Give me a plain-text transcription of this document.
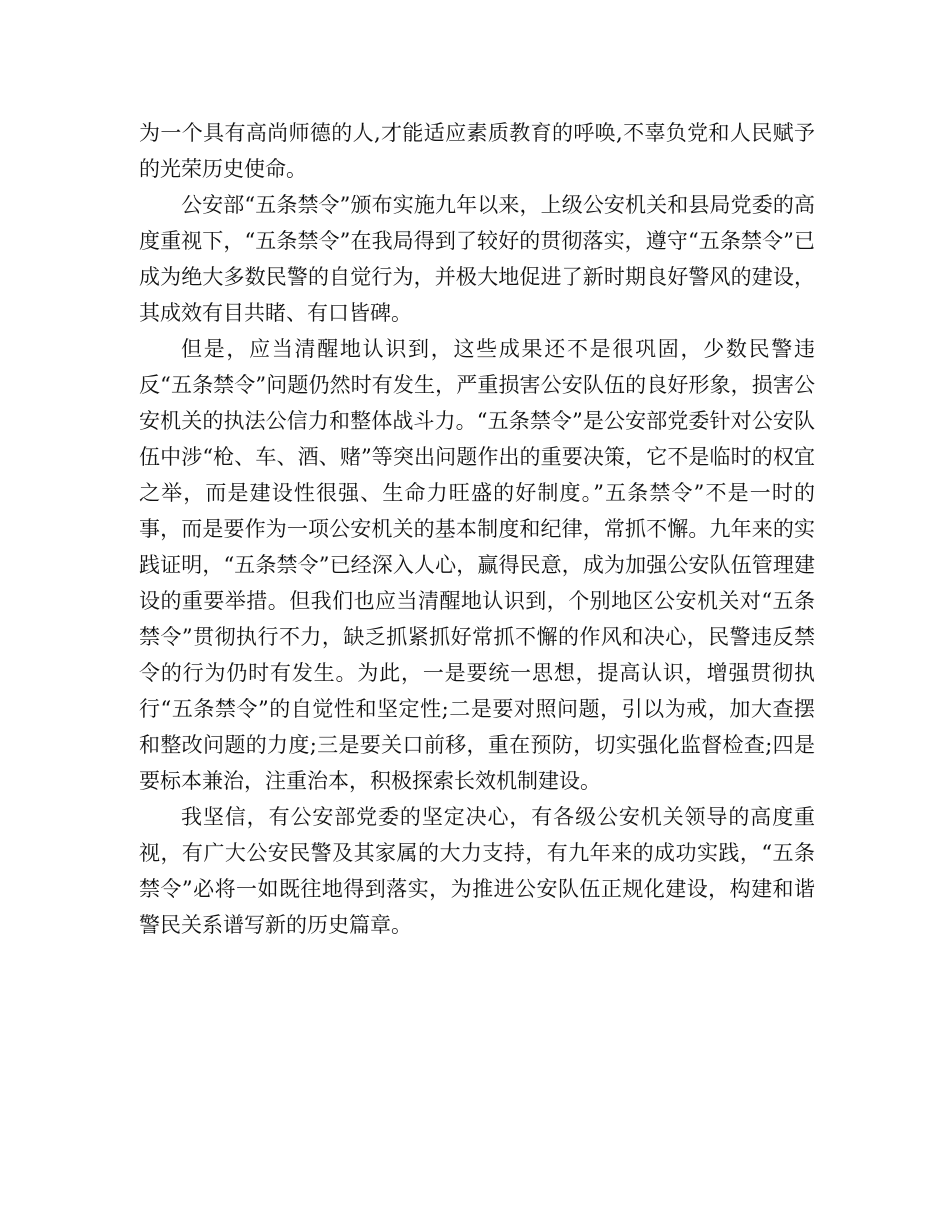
为一个具有高尚师德的人,才能适应素质教育的呼唤,不辜负党和人民赋予的光荣历史使命。

公安部“五条禁令”颁布实施九年以来，上级公安机关和县局党委的高度重视下，“五条禁令”在我局得到了较好的贯彻落实，遵守“五条禁令”已成为绝大多数民警的自觉行为，并极大地促进了新时期良好警风的建设，其成效有目共睹、有口皆碑。

但是，应当清醒地认识到，这些成果还不是很巩固，少数民警违反“五条禁令”问题仍然时有发生，严重损害公安队伍的良好形象，损害公安机关的执法公信力和整体战斗力。“五条禁令”是公安部党委针对公安队伍中涉“枪、车、酒、赌”等突出问题作出的重要决策，它不是临时的权宜之举，而是建设性很强、生命力旺盛的好制度。”五条禁令”不是一时的事，而是要作为一项公安机关的基本制度和纪律，常抓不懈。九年来的实践证明，“五条禁令”已经深入人心，赢得民意，成为加强公安队伍管理建设的重要举措。但我们也应当清醒地认识到，个别地区公安机关对“五条禁令”贯彻执行不力，缺乏抓紧抓好常抓不懈的作风和决心，民警违反禁令的行为仍时有发生。为此，一是要统一思想，提高认识，增强贯彻执行“五条禁令”的自觉性和坚定性;二是要对照问题，引以为戒，加大查摆和整改问题的力度;三是要关口前移，重在预防，切实强化监督检查;四是要标本兼治，注重治本，积极探索长效机制建设。

我坚信，有公安部党委的坚定决心，有各级公安机关领导的高度重视，有广大公安民警及其家属的大力支持，有九年来的成功实践，“五条禁令”必将一如既往地得到落实，为推进公安队伍正规化建设，构建和谐警民关系谱写新的历史篇章。
